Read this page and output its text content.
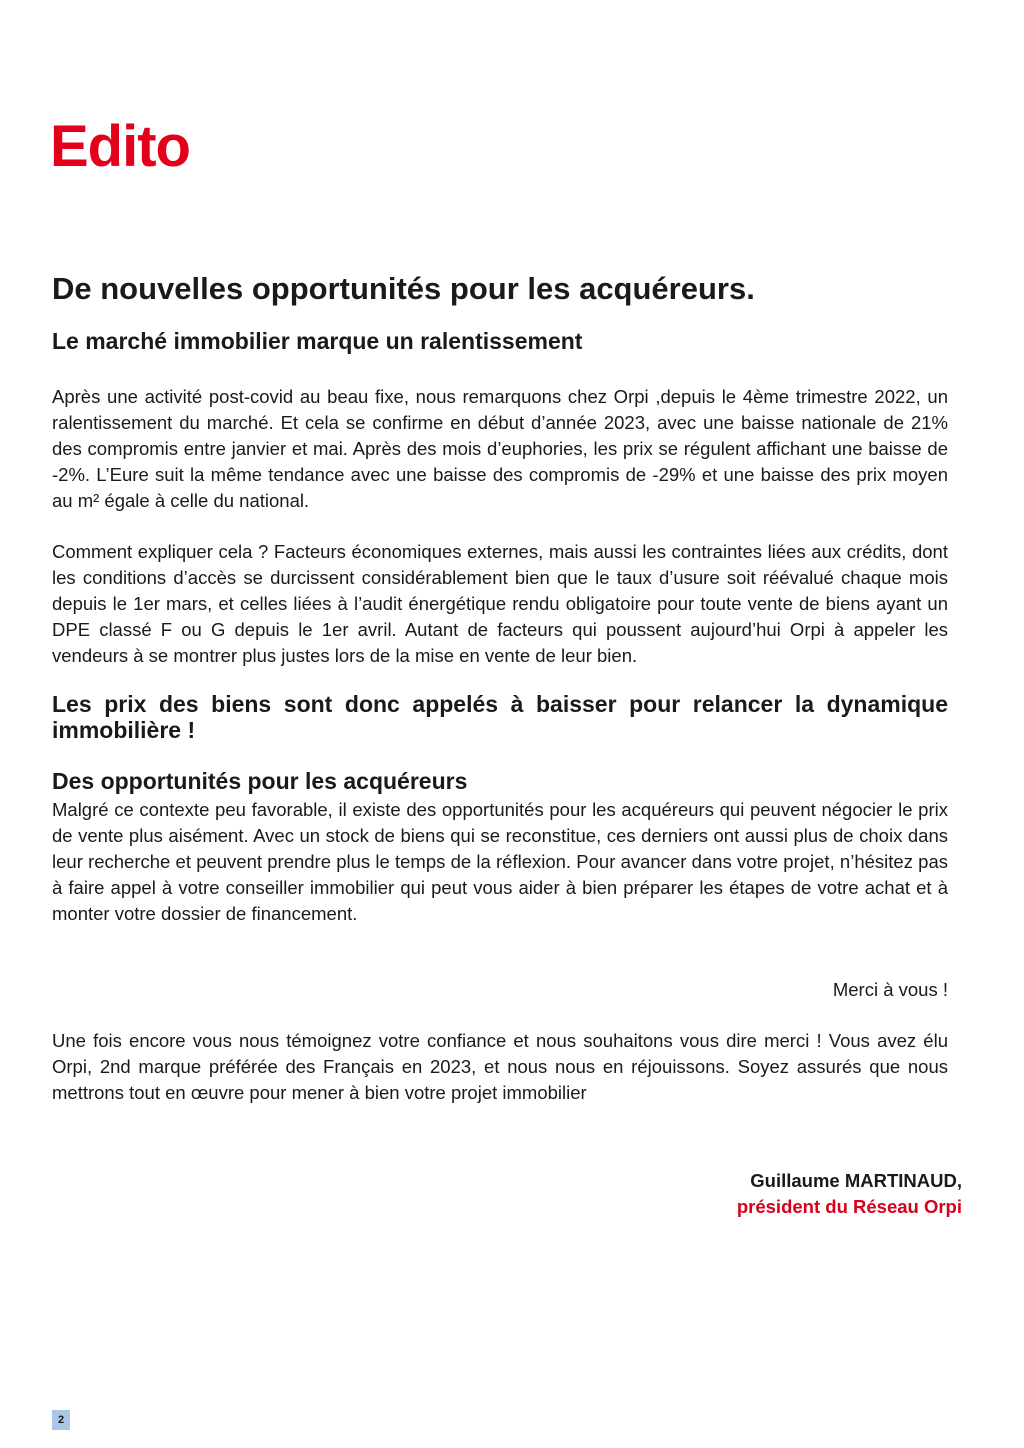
Edito
De nouvelles opportunités pour les acquéreurs.
Le marché immobilier marque un ralentissement

Après une activité post-covid au beau fixe, nous remarquons chez Orpi ,depuis le 4ème trimestre 2022, un ralentissement du marché. Et cela se confirme en début d’année 2023, avec une baisse nationale de 21% des compromis entre janvier et mai. Après des mois d’euphories, les prix se régulent affichant une baisse de -2%. L’Eure suit la même tendance avec une baisse des compromis de -29% et une baisse des prix moyen au m² égale à celle du national.

Comment expliquer cela ? Facteurs économiques externes, mais aussi les contraintes liées aux crédits, dont les conditions d’accès se durcissent considérablement bien que le taux d’usure soit réévalué chaque mois depuis le 1er mars, et celles liées à l’audit énergétique rendu obligatoire pour toute vente de biens ayant un DPE classé F ou G depuis le 1er avril. Autant de facteurs qui poussent aujourd’hui Orpi à appeler les vendeurs à se montrer plus justes lors de la mise en vente de leur bien.

Les prix des biens sont donc appelés à baisser pour relancer la dynamique immobilière !

Des opportunités pour les acquéreurs

Malgré ce contexte peu favorable, il existe des opportunités pour les acquéreurs qui peuvent négocier le prix de vente plus aisément. Avec un stock de biens qui se reconstitue, ces derniers ont aussi plus de choix dans leur recherche et peuvent prendre plus le temps de la réflexion. Pour avancer dans votre projet, n’hésitez pas à faire appel à votre conseiller immobilier qui peut vous aider à bien préparer les étapes de votre achat et à monter votre dossier de financement.

Merci à vous !

Une fois encore vous nous témoignez votre confiance et nous souhaitons vous dire merci ! Vous avez élu Orpi, 2nd marque préférée des Français en 2023, et nous nous en réjouissons. Soyez assurés que nous mettrons tout en œuvre pour mener à bien votre projet immobilier

Guillaume MARTINAUD,
président du Réseau Orpi
2
